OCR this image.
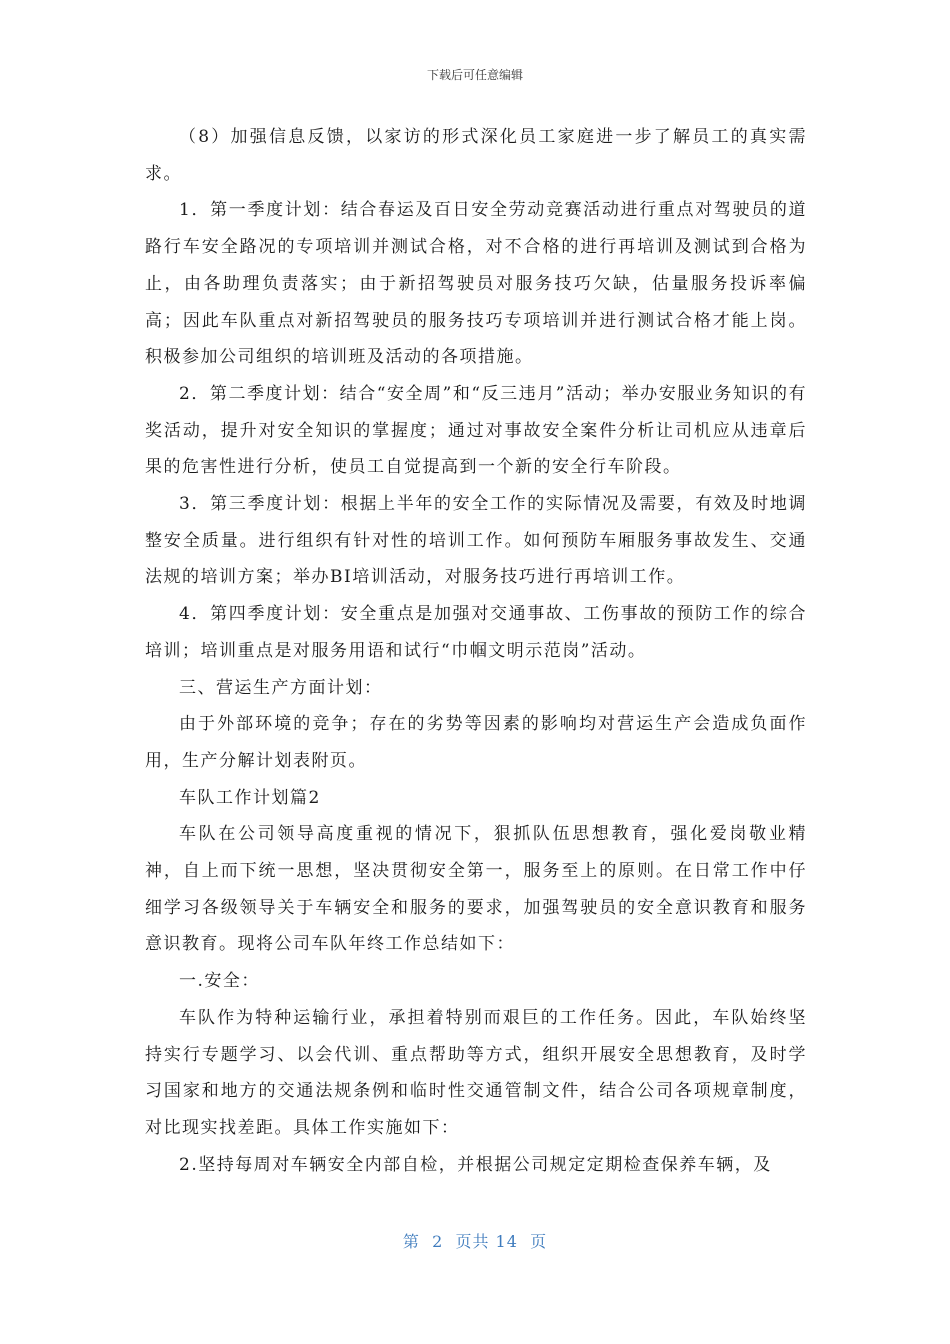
下载后可任意编辑

（8）加强信息反馈，以家访的形式深化员工家庭进一步了解员工的真实需求。

1．第一季度计划：结合春运及百日安全劳动竞赛活动进行重点对驾驶员的道路行车安全路况的专项培训并测试合格，对不合格的进行再培训及测试到合格为止，由各助理负责落实；由于新招驾驶员对服务技巧欠缺，估量服务投诉率偏高；因此车队重点对新招驾驶员的服务技巧专项培训并进行测试合格才能上岗。积极参加公司组织的培训班及活动的各项措施。

2．第二季度计划：结合“安全周”和“反三违月”活动；举办安服业务知识的有奖活动，提升对安全知识的掌握度；通过对事故安全案件分析让司机应从违章后果的危害性进行分析，使员工自觉提高到一个新的安全行车阶段。

3．第三季度计划：根据上半年的安全工作的实际情况及需要，有效及时地调整安全质量。进行组织有针对性的培训工作。如何预防车厢服务事故发生、交通法规的培训方案；举办BI培训活动，对服务技巧进行再培训工作。

4．第四季度计划：安全重点是加强对交通事故、工伤事故的预防工作的综合培训；培训重点是对服务用语和试行“巾帼文明示范岗”活动。

三、营运生产方面计划：

由于外部环境的竞争；存在的劣势等因素的影响均对营运生产会造成负面作用，生产分解计划表附页。

车队工作计划篇2

车队在公司领导高度重视的情况下，狠抓队伍思想教育，强化爱岗敬业精神，自上而下统一思想，坚决贯彻安全第一，服务至上的原则。在日常工作中仔细学习各级领导关于车辆安全和服务的要求，加强驾驶员的安全意识教育和服务意识教育。现将公司车队年终工作总结如下：

一.安全：

车队作为特种运输行业，承担着特别而艰巨的工作任务。因此，车队始终坚持实行专题学习、以会代训、重点帮助等方式，组织开展安全思想教育，及时学习国家和地方的交通法规条例和临时性交通管制文件，结合公司各项规章制度，对比现实找差距。具体工作实施如下：

2.坚持每周对车辆安全内部自检，并根据公司规定定期检查保养车辆，及

第  2  页共 14  页
